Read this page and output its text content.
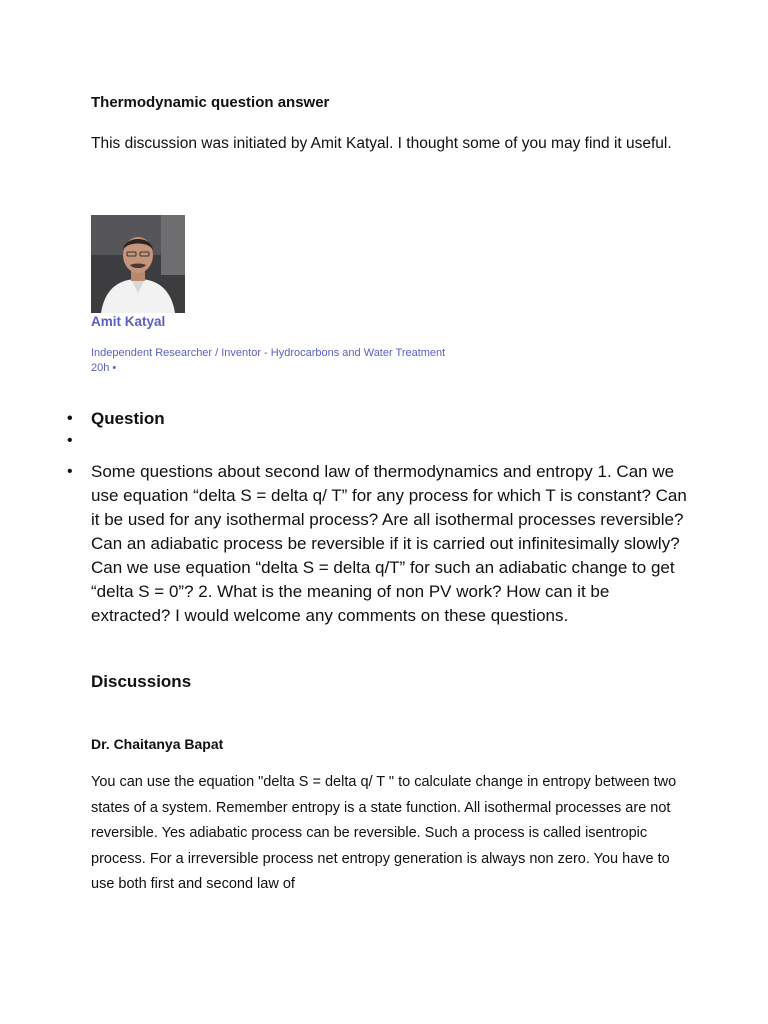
Thermodynamic question answer

This discussion was initiated by Amit Katyal. I thought some of you may find it useful.

Amit Katyal
Independent Researcher / Inventor - Hydrocarbons and Water Treatment
20h •
• Question
•
• Some questions about second law of thermodynamics and entropy 1. Can we use equation “delta S = delta q/ T” for any process for which T is constant? Can it be used for any isothermal process? Are all isothermal processes reversible? Can an adiabatic process be reversible if it is carried out infinitesimally slowly? Can we use equation “delta S = delta q/T” for such an adiabatic change to get “delta S = 0”? 2. What is the meaning of non PV work? How can it be extracted? I would welcome any comments on these questions.
Discussions
Dr. Chaitanya Bapat

You can use the equation "delta S = delta q/ T " to calculate change in entropy between two states of a system. Remember entropy is a state function. All isothermal processes are not reversible. Yes adiabatic process can be reversible. Such a process is called isentropic process. For a irreversible process net entropy generation is always non zero. You have to use both first and second law of
